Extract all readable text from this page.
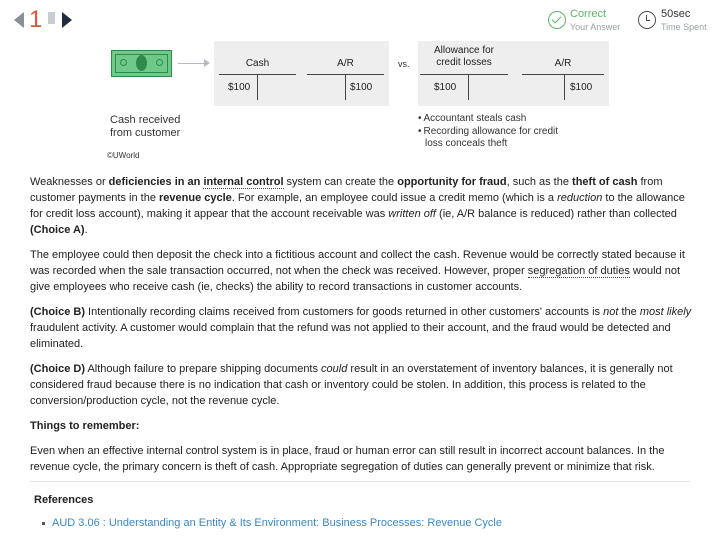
1	Correct
Your Answer
50sec
Time Spent
Cash	A/R
$100	$100
vs.
Allowance for
credit losses	A/R
$100	$100
Cash received
from customer
• Accountant steals cash
• Recording allowance for credit
loss conceals theft
©UWorld

Weaknesses or deficiencies in an internal control system can create the opportunity for fraud, such as the theft of cash from customer payments in the revenue cycle. For example, an employee could issue a credit memo (which is a reduction to the allowance for credit loss account), making it appear that the account receivable was written off (ie, A/R balance is reduced) rather than collected (Choice A).

The employee could then deposit the check into a fictitious account and collect the cash. Revenue would be correctly stated because it was recorded when the sale transaction occurred, not when the check was received. However, proper segregation of duties would not give employees who receive cash (ie, checks) the ability to record transactions in customer accounts.

(Choice B) Intentionally recording claims received from customers for goods returned in other customers' accounts is not the most likely fraudulent activity. A customer would complain that the refund was not applied to their account, and the fraud would be detected and eliminated.

(Choice D) Although failure to prepare shipping documents could result in an overstatement of inventory balances, it is generally not considered fraud because there is no indication that cash or inventory could be stolen. In addition, this process is related to the conversion/production cycle, not the revenue cycle.

Things to remember:

Even when an effective internal control system is in place, fraud or human error can still result in incorrect account balances. In the revenue cycle, the primary concern is theft of cash. Appropriate segregation of duties can generally prevent or minimize that risk.

References
AUD 3.06 : Understanding an Entity & Its Environment: Business Processes: Revenue Cycle
